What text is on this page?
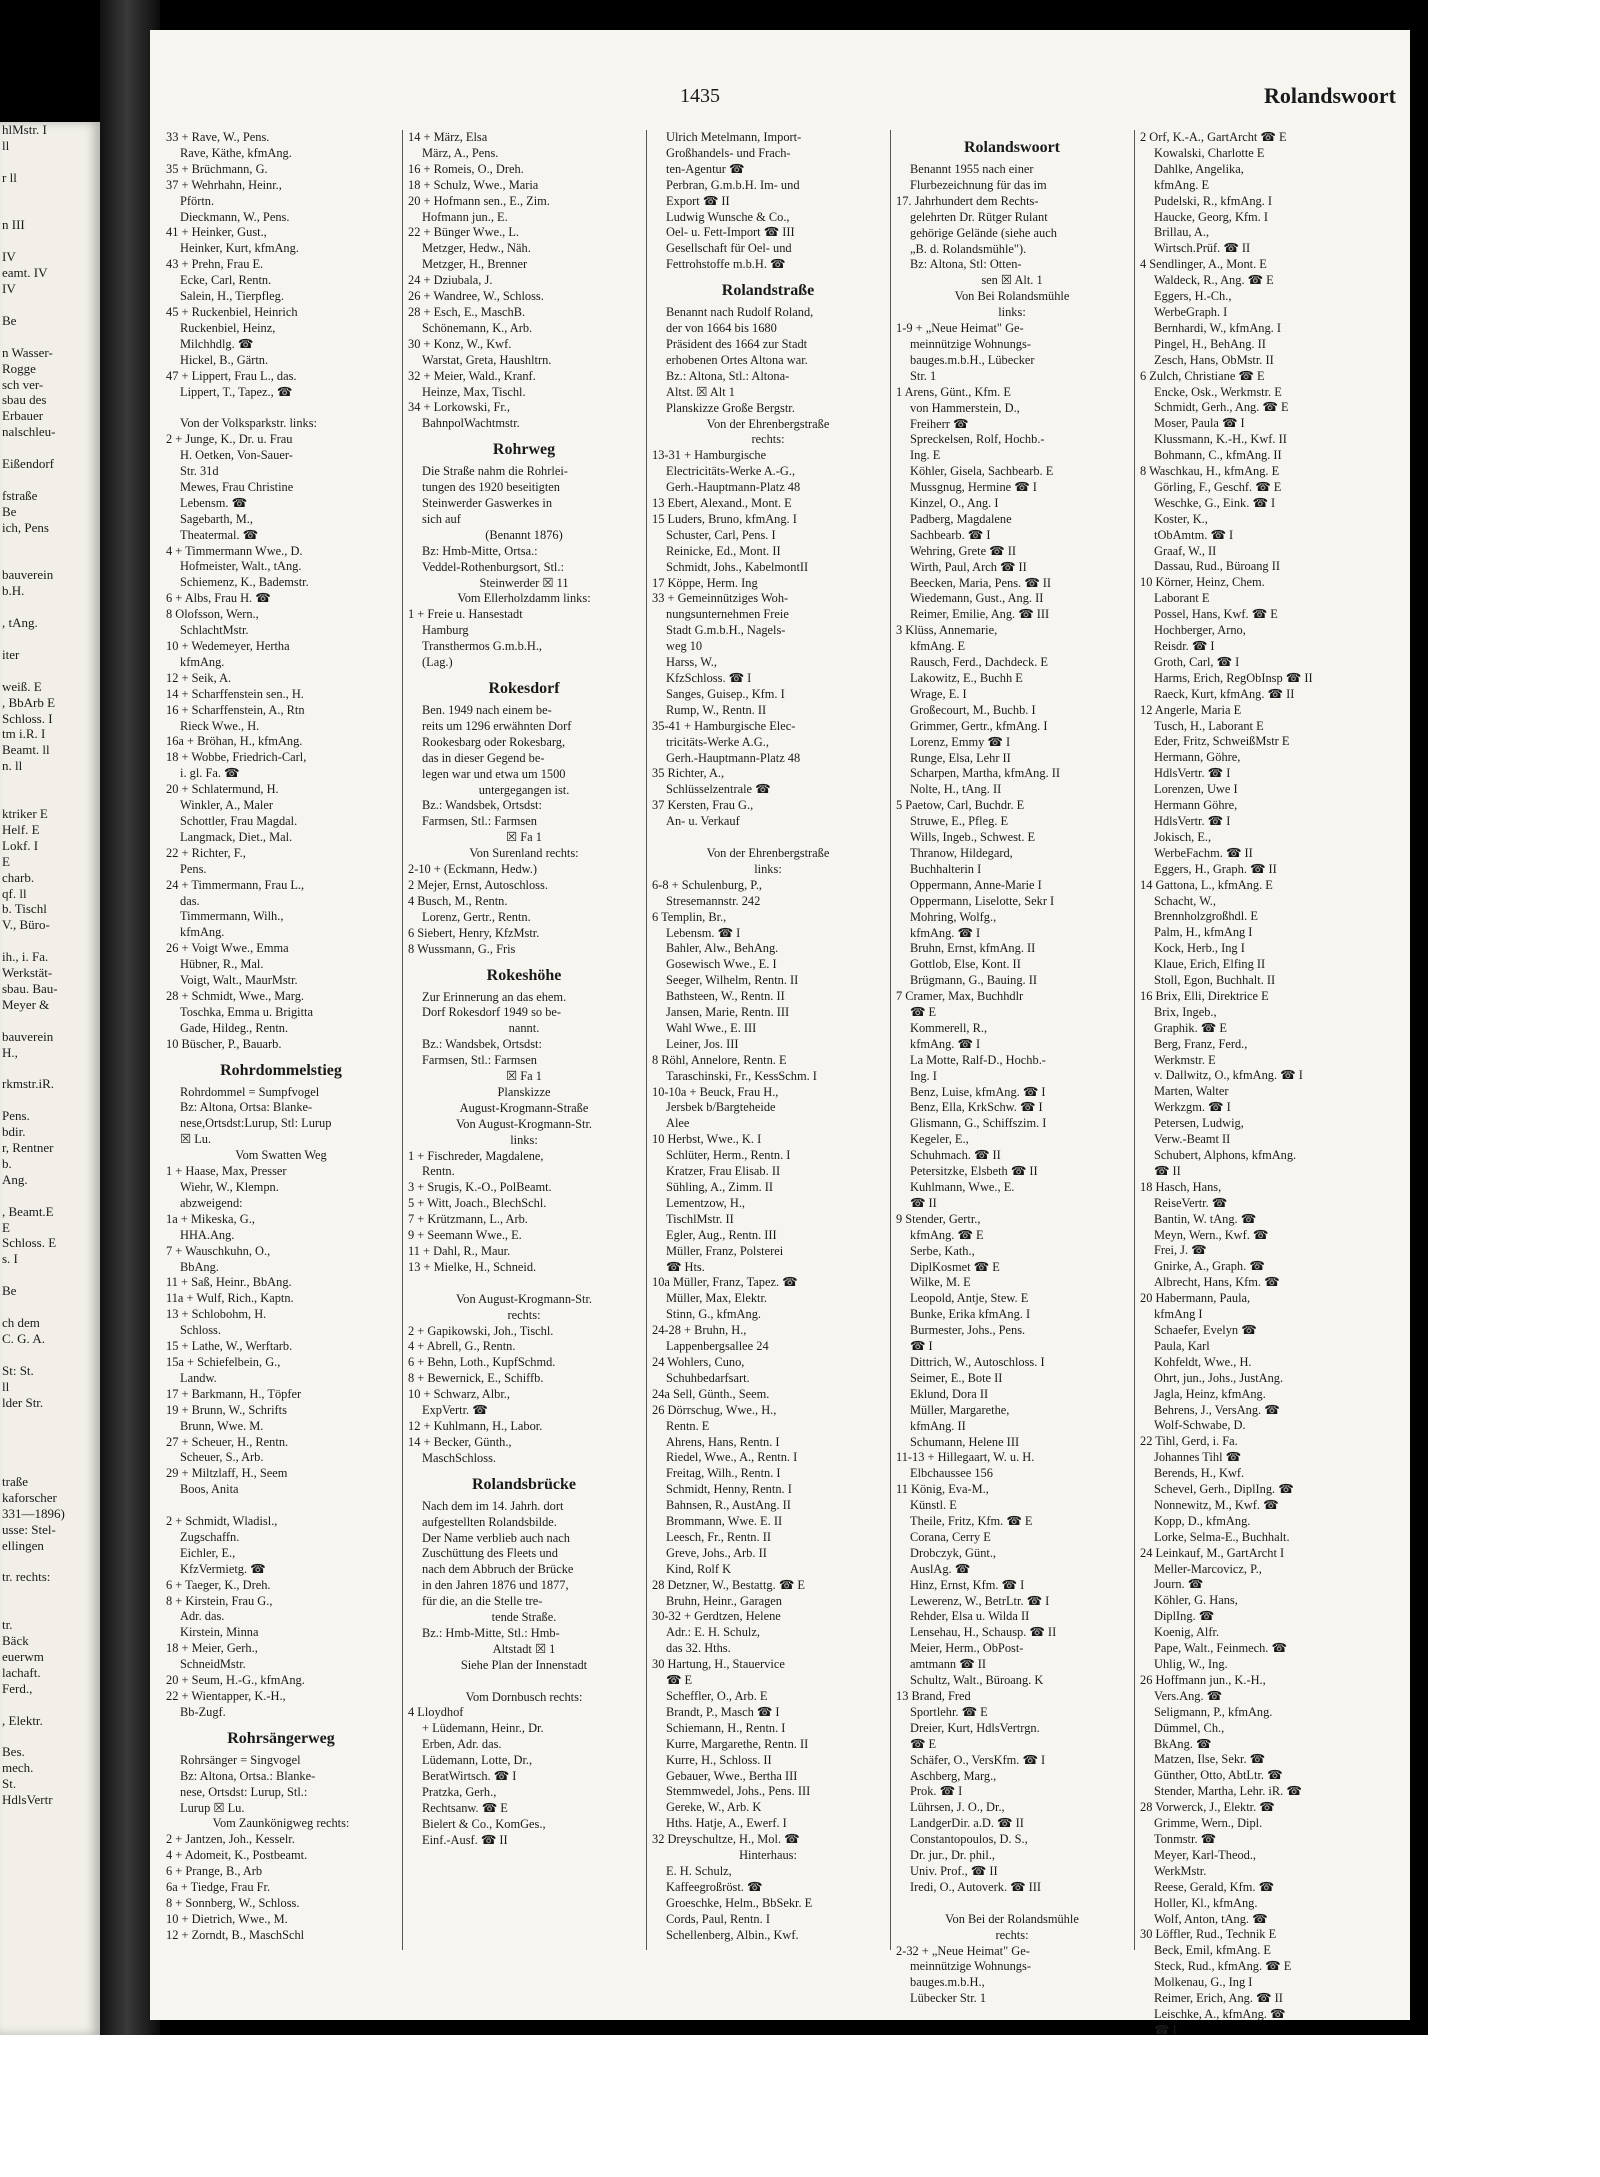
hlMstr. I
ll

r ll

n III

IV
eamt. IV
IV

Be

n Wasser-
Rogge
sch ver-
sbau des
Erbauer
nalschleu-

Eißendorf

fstraße
Be
ich, Pens

bauverein
b.H.

, tAng.

iter

weiß. E
, BbArb E
Schloss. I
tm i.R. I
Beamt. ll
n. ll

ktriker E
Helf. E
Lokf. I
E
charb.
qf. ll
b. Tischl
V., Büro-

ih., i. Fa.
Werkstät-
sbau. Bau-
Meyer &

bauverein
H.,

rkmstr.iR.

Pens.
bdir.
r, Rentner
b.
Ang.

, Beamt.E
E
Schloss. E
s. I

Be

ch dem
C. G. A.

St: St.
ll
lder Str.

traße
kaforscher
331—1896)
usse: Stel-
ellingen

tr. rechts:

tr.
Bäck
euerwm
lachaft.
Ferd.,

, Elektr.

Bes.
mech.
St.
HdlsVertr
1435	Rolandswoort
33 + Rave, W., Pens.
Rave, Käthe, kfmAng.
35 + Brüchmann, G.
37 + Wehrhahn, Heinr.,
Pförtn.
Dieckmann, W., Pens.
41 + Heinker, Gust.,
Heinker, Kurt, kfmAng.
43 + Prehn, Frau E.
Ecke, Carl, Rentn.
Salein, H., Tierpfleg.
45 + Ruckenbiel, Heinrich
Ruckenbiel, Heinz,
Milchhdlg. ☎
Hickel, B., Gärtn.
47 + Lippert, Frau L., das.
Lippert, T., Tapez., ☎

Von der Volksparkstr. links:
2 + Junge, K., Dr. u. Frau
H. Oetken, Von-Sauer-
Str. 31d
Mewes, Frau Christine
Lebensm. ☎
Sagebarth, M.,
Theatermal. ☎
4 + Timmermann Wwe., D.
Hofmeister, Walt., tAng.
Schiemenz, K., Bademstr.
6 + Albs, Frau H. ☎
8 Olofsson, Wern.,
SchlachtMstr.
10 + Wedemeyer, Hertha
kfmAng.
12 + Seik, A.
14 + Scharffenstein sen., H.
16 + Scharffenstein, A., Rtn
Rieck Wwe., H.
16a + Bröhan, H., kfmAng.
18 + Wobbe, Friedrich-Carl,
i. gl. Fa. ☎
20 + Schlatermund, H.
Winkler, A., Maler
Schottler, Frau Magdal.
Langmack, Diet., Mal.
22 + Richter, F.,
Pens.
24 + Timmermann, Frau L.,
das.
Timmermann, Wilh.,
kfmAng.
26 + Voigt Wwe., Emma
Hübner, R., Mal.
Voigt, Walt., MaurMstr.
28 + Schmidt, Wwe., Marg.
Toschka, Emma u. Brigitta
Gade, Hildeg., Rentn.
10 Büscher, P., Bauarb.
Rohrdommelstieg
Rohrdommel = Sumpfvogel
Bz: Altona, Ortsa: Blanke-
nese,Ortsdst:Lurup, Stl: Lurup
☒ Lu.
Vom Swatten Weg
1 + Haase, Max, Presser
Wiehr, W., Klempn.
abzweigend:
1a + Mikeska, G.,
HHA.Ang.
7 + Wauschkuhn, O.,
BbAng.
11 + Saß, Heinr., BbAng.
11a + Wulf, Rich., Kaptn.
13 + Schlobohm, H.
Schloss.
15 + Lathe, W., Werftarb.
15a + Schiefelbein, G.,
Landw.
17 + Barkmann, H., Töpfer
19 + Brunn, W., Schrifts
Brunn, Wwe. M.
27 + Scheuer, H., Rentn.
Scheuer, S., Arb.
29 + Miltzlaff, H., Seem
Boos, Anita

2 + Schmidt, Wladisl.,
Zugschaffn.
Eichler, E.,
KfzVermietg. ☎
6 + Taeger, K., Dreh.
8 + Kirstein, Frau G.,
Adr. das.
Kirstein, Minna
18 + Meier, Gerh.,
SchneidMstr.
20 + Seum, H.-G., kfmAng.
22 + Wientapper, K.-H.,
Bb-Zugf.
Rohrsängerweg
Rohrsänger = Singvogel
Bz: Altona, Ortsa.: Blanke-
nese, Ortsdst: Lurup, Stl.:
Lurup ☒ Lu.
Vom Zaunkönigweg rechts:
2 + Jantzen, Joh., Kesselr.
4 + Adomeit, K., Postbeamt.
6 + Prange, B., Arb
6a + Tiedge, Frau Fr.
8 + Sonnberg, W., Schloss.
10 + Dietrich, Wwe., M.
12 + Zorndt, B., MaschSchl
14 + März, Elsa
März, A., Pens.
16 + Romeis, O., Dreh.
18 + Schulz, Wwe., Maria
20 + Hofmann sen., E., Zim.
Hofmann jun., E.
22 + Bünger Wwe., L.
Metzger, Hedw., Näh.
Metzger, H., Brenner
24 + Dziubala, J.
26 + Wandree, W., Schloss.
28 + Esch, E., MaschB.
Schönemann, K., Arb.
30 + Konz, W., Kwf.
Warstat, Greta, Haushltrn.
32 + Meier, Wald., Kranf.
Heinze, Max, Tischl.
34 + Lorkowski, Fr.,
BahnpolWachtmstr.
Rohrweg
Die Straße nahm die Rohrlei-
tungen des 1920 beseitigten
Steinwerder Gaswerkes in
sich auf
(Benannt 1876)
Bz: Hmb-Mitte, Ortsa.:
Veddel-Rothenburgsort, Stl.:
Steinwerder ☒ 11
Vom Ellerholzdamm links:
1 + Freie u. Hansestadt
Hamburg
Transthermos G.m.b.H.,
(Lag.)
Rokesdorf
Ben. 1949 nach einem be-
reits um 1296 erwähnten Dorf
Rookesbarg oder Rokesbarg,
das in dieser Gegend be-
legen war und etwa um 1500
untergegangen ist.
Bz.: Wandsbek, Ortsdst:
Farmsen, Stl.: Farmsen
☒ Fa 1
Von Surenland rechts:
2-10 + (Eckmann, Hedw.)
2 Mejer, Ernst, Autoschloss.
4 Busch, M., Rentn.
Lorenz, Gertr., Rentn.
6 Siebert, Henry, KfzMstr.
8 Wussmann, G., Fris
Rokeshöhe
Zur Erinnerung an das ehem.
Dorf Rokesdorf 1949 so be-
nannt.
Bz.: Wandsbek, Ortsdst:
Farmsen, Stl.: Farmsen
☒ Fa 1
Planskizze
August-Krogmann-Straße
Von August-Krogmann-Str.
links:
1 + Fischreder, Magdalene,
Rentn.
3 + Srugis, K.-O., PolBeamt.
5 + Witt, Joach., BlechSchl.
7 + Krützmann, L., Arb.
9 + Seemann Wwe., E.
11 + Dahl, R., Maur.
13 + Mielke, H., Schneid.

Von August-Krogmann-Str.
rechts:
2 + Gapikowski, Joh., Tischl.
4 + Abrell, G., Rentn.
6 + Behn, Loth., KupfSchmd.
8 + Bewernick, E., Schiffb.
10 + Schwarz, Albr.,
ExpVertr. ☎
12 + Kuhlmann, H., Labor.
14 + Becker, Günth.,
MaschSchloss.
Rolandsbrücke
Nach dem im 14. Jahrh. dort
aufgestellten Rolandsbilde.
Der Name verblieb auch nach
Zuschüttung des Fleets und
nach dem Abbruch der Brücke
in den Jahren 1876 und 1877,
für die, an die Stelle tre-
tende Straße.
Bz.: Hmb-Mitte, Stl.: Hmb-
Altstadt ☒ 1
Siehe Plan der Innenstadt

Vom Dornbusch rechts:
4 Lloydhof
+ Lüdemann, Heinr., Dr.
Erben, Adr. das.
Lüdemann, Lotte, Dr.,
BeratWirtsch. ☎ I
Pratzka, Gerh.,
Rechtsanw. ☎ E
Bielert & Co., KomGes.,
Einf.-Ausf. ☎ II
Ulrich Metelmann, Import-
Großhandels- und Frach-
ten-Agentur ☎
Perbran, G.m.b.H. Im- und
Export ☎ II
Ludwig Wunsche & Co.,
Oel- u. Fett-Import ☎ III
Gesellschaft für Oel- und
Fettrohstoffe m.b.H. ☎
Rolandstraße
Benannt nach Rudolf Roland,
der von 1664 bis 1680
Präsident des 1664 zur Stadt
erhobenen Ortes Altona war.
Bz.: Altona, Stl.: Altona-
Altst. ☒ Alt 1
Planskizze Große Bergstr.
Von der Ehrenbergstraße
rechts:
13-31 + Hamburgische
Electricitäts-Werke A.-G.,
Gerh.-Hauptmann-Platz 48
13 Ebert, Alexand., Mont. E
15 Luders, Bruno, kfmAng. I
Schuster, Carl, Pens. I
Reinicke, Ed., Mont. II
Schmidt, Johs., KabelmontII
17 Köppe, Herm. Ing
33 + Gemeinnütziges Woh-
nungsunternehmen Freie
Stadt G.m.b.H., Nagels-
weg 10
Harss, W.,
KfzSchloss. ☎ I
Sanges, Guisep., Kfm. I
Rump, W., Rentn. II
35-41 + Hamburgische Elec-
tricitäts-Werke A.G.,
Gerh.-Hauptmann-Platz 48
35 Richter, A.,
Schlüsselzentrale ☎
37 Kersten, Frau G.,
An- u. Verkauf

Von der Ehrenbergstraße
links:
6-8 + Schulenburg, P.,
Stresemannstr. 242
6 Templin, Br.,
Lebensm. ☎ I
Bahler, Alw., BehAng.
Gosewisch Wwe., E. I
Seeger, Wilhelm, Rentn. II
Bathsteen, W., Rentn. II
Jansen, Marie, Rentn. III
Wahl Wwe., E. III
Leiner, Jos. III
8 Röhl, Annelore, Rentn. E
Taraschinski, Fr., KessSchm. I
10-10a + Beuck, Frau H.,
Jersbek b/Bargteheide
Alee
10 Herbst, Wwe., K. I
Schlüter, Herm., Rentn. I
Kratzer, Frau Elisab. II
Sühling, A., Zimm. II
Lementzow, H.,
TischlMstr. II
Egler, Aug., Rentn. III
Müller, Franz, Polsterei
☎ Hts.
10a Müller, Franz, Tapez. ☎
Müller, Max, Elektr.
Stinn, G., kfmAng.
24-28 + Bruhn, H.,
Lappenbergsallee 24
24 Wohlers, Cuno,
Schuhbedarfsart.
24a Sell, Günth., Seem.
26 Dörrschug, Wwe., H.,
Rentn. E
Ahrens, Hans, Rentn. I
Riedel, Wwe., A., Rentn. I
Freitag, Wilh., Rentn. I
Schmidt, Henny, Rentn. I
Bahnsen, R., AustAng. II
Brommann, Wwe. E. II
Leesch, Fr., Rentn. II
Greve, Johs., Arb. II
Kind, Rolf K
28 Detzner, W., Bestattg. ☎ E
Bruhn, Heinr., Garagen
30-32 + Gerdtzen, Helene
Adr.: E. H. Schulz,
das 32. Hths.
30 Hartung, H., Stauervice
☎ E
Scheffler, O., Arb. E
Brandt, P., Masch ☎ I
Schiemann, H., Rentn. I
Kurre, Margarethe, Rentn. II
Kurre, H., Schloss. II
Gebauer, Wwe., Bertha III
Stemmwedel, Johs., Pens. III
Gereke, W., Arb. K
Hths. Hatje, A., Ewerf. I
32 Dreyschultze, H., Mol. ☎
Hinterhaus:
E. H. Schulz,
Kaffeegroßröst. ☎
Groeschke, Helm., BbSekr. E
Cords, Paul, Rentn. I
Schellenberg, Albin., Kwf.
Rolandswoort
Benannt 1955 nach einer
Flurbezeichnung für das im
17. Jahrhundert dem Rechts-
gelehrten Dr. Rütger Rulant
gehörige Gelände (siehe auch
„B. d. Rolandsmühle").
Bz: Altona, Stl: Otten-
sen ☒ Alt. 1
Von Bei Rolandsmühle
links:
1-9 + „Neue Heimat" Ge-
meinnützige Wohnungs-
bauges.m.b.H., Lübecker
Str. 1
1 Arens, Günt., Kfm. E
von Hammerstein, D.,
Freiherr ☎
Spreckelsen, Rolf, Hochb.-
Ing. E
Köhler, Gisela, Sachbearb. E
Mussgnug, Hermine ☎ I
Kinzel, O., Ang. I
Padberg, Magdalene
Sachbearb. ☎ I
Wehring, Grete ☎ II
Wirth, Paul, Arch ☎ II
Beecken, Maria, Pens. ☎ II
Wiedemann, Gust., Ang. II
Reimer, Emilie, Ang. ☎ III
3 Klüss, Annemarie,
kfmAng. E
Rausch, Ferd., Dachdeck. E
Lakowitz, E., Buchh E
Wrage, E. I
Großecourt, M., Buchb. I
Grimmer, Gertr., kfmAng. I
Lorenz, Emmy ☎ I
Runge, Elsa, Lehr II
Scharpen, Martha, kfmAng. II
Nolte, H., tAng. II
5 Paetow, Carl, Buchdr. E
Struwe, E., Pfleg. E
Wills, Ingeb., Schwest. E
Thranow, Hildegard,
Buchhalterin I
Oppermann, Anne-Marie I
Oppermann, Liselotte, Sekr I
Mohring, Wolfg.,
kfmAng. ☎ I
Bruhn, Ernst, kfmAng. II
Gottlob, Else, Kont. II
Brügmann, G., Bauing. II
7 Cramer, Max, Buchhdlr
☎ E
Kommerell, R.,
kfmAng. ☎ I
La Motte, Ralf-D., Hochb.-
Ing. I
Benz, Luise, kfmAng. ☎ I
Benz, Ella, KrkSchw. ☎ I
Glismann, G., Schiffszim. I
Kegeler, E.,
Schuhmach. ☎ II
Petersitzke, Elsbeth ☎ II
Kuhlmann, Wwe., E.
☎ II
9 Stender, Gertr.,
kfmAng. ☎ E
Serbe, Kath.,
DiplKosmet ☎ E
Wilke, M. E
Leopold, Antje, Stew. E
Bunke, Erika kfmAng. I
Burmester, Johs., Pens.
☎ I
Dittrich, W., Autoschloss. I
Seimer, E., Bote II
Eklund, Dora II
Müller, Margarethe,
kfmAng. II
Schumann, Helene III
11-13 + Hillegaart, W. u. H.
Elbchaussee 156
11 König, Eva-M.,
Künstl. E
Theile, Fritz, Kfm. ☎ E
Corana, Cerry E
Drobczyk, Günt.,
AuslAg. ☎
Hinz, Ernst, Kfm. ☎ I
Lewerenz, W., BetrLtr. ☎ I
Rehder, Elsa u. Wilda II
Lensehau, H., Schausp. ☎ II
Meier, Herm., ObPost-
amtmann ☎ II
Schultz, Walt., Büroang. K
13 Brand, Fred
Sportlehr. ☎ E
Dreier, Kurt, HdlsVertrgn.
☎ E
Schäfer, O., VersKfm. ☎ I
Aschberg, Marg.,
Prok. ☎ I
Lührsen, J. O., Dr.,
LandgerDir. a.D. ☎ II
Constantopoulos, D. S.,
Dr. jur., Dr. phil.,
Univ. Prof., ☎ II
Iredi, O., Autoverk. ☎ III

Von Bei der Rolandsmühle
rechts:
2-32 + „Neue Heimat" Ge-
meinnützige Wohnungs-
bauges.m.b.H.,
Lübecker Str. 1
2 Orf, K.-A., GartArcht ☎ E
Kowalski, Charlotte E
Dahlke, Angelika,
kfmAng. E
Pudelski, R., kfmAng. I
Haucke, Georg, Kfm. I
Brillau, A.,
Wirtsch.Prüf. ☎ II
4 Sendlinger, A., Mont. E
Waldeck, R., Ang. ☎ E
Eggers, H.-Ch.,
WerbeGraph. I
Bernhardi, W., kfmAng. I
Pingel, H., BehAng. II
Zesch, Hans, ObMstr. II
6 Zulch, Christiane ☎ E
Encke, Osk., Werkmstr. E
Schmidt, Gerh., Ang. ☎ E
Moser, Paula ☎ I
Klussmann, K.-H., Kwf. II
Bohmann, C., kfmAng. II
8 Waschkau, H., kfmAng. E
Görling, F., Geschf. ☎ E
Weschke, G., Eink. ☎ I
Koster, K.,
tObAmtm. ☎ I
Graaf, W., II
Dassau, Rud., Büroang II
10 Körner, Heinz, Chem.
Laborant E
Possel, Hans, Kwf. ☎ E
Hochberger, Arno,
Reisdr. ☎ I
Groth, Carl, ☎ I
Harms, Erich, RegObInsp ☎ II
Raeck, Kurt, kfmAng. ☎ II
12 Angerle, Maria E
Tusch, H., Laborant E
Eder, Fritz, SchweißMstr E
Hermann, Göhre,
HdlsVertr. ☎ I
Lorenzen, Uwe I
Hermann Göhre,
HdlsVertr. ☎ I
Jokisch, E.,
WerbeFachm. ☎ II
Eggers, H., Graph. ☎ II
14 Gattona, L., kfmAng. E
Schacht, W.,
Brennholzgroßhdl. E
Palm, H., kfmAng I
Kock, Herb., Ing I
Klaue, Erich, Elfing II
Stoll, Egon, Buchhalt. II
16 Brix, Elli, Direktrice E
Brix, Ingeb.,
Graphik. ☎ E
Berg, Franz, Ferd.,
Werkmstr. E
v. Dallwitz, O., kfmAng. ☎ I
Marten, Walter
Werkzgm. ☎ I
Petersen, Ludwig,
Verw.-Beamt II
Schubert, Alphons, kfmAng.
☎ II
18 Hasch, Hans,
ReiseVertr. ☎
Bantin, W. tAng. ☎
Meyn, Wern., Kwf. ☎
Frei, J. ☎
Gnirke, A., Graph. ☎
Albrecht, Hans, Kfm. ☎
20 Habermann, Paula,
kfmAng I
Schaefer, Evelyn ☎
Paula, Karl
Kohfeldt, Wwe., H.
Ohrt, jun., Johs., JustAng.
Jagla, Heinz, kfmAng.
Behrens, J., VersAng. ☎
Wolf-Schwabe, D.
22 Tihl, Gerd, i. Fa.
Johannes Tihl ☎
Berends, H., Kwf.
Schevel, Gerh., DiplIng. ☎
Nonnewitz, M., Kwf. ☎
Kopp, D., kfmAng.
Lorke, Selma-E., Buchhalt.
24 Leinkauf, M., GartArcht I
Meller-Marcovicz, P.,
Journ. ☎
Köhler, G. Hans,
DiplIng. ☎
Koenig, Alfr.
Pape, Walt., Feinmech. ☎
Uhlig, W., Ing.
26 Hoffmann jun., K.-H.,
Vers.Ang. ☎
Seligmann, P., kfmAng.
Dümmel, Ch.,
BkAng. ☎
Matzen, Ilse, Sekr. ☎
Günther, Otto, AbtLtr. ☎
Stender, Martha, Lehr. iR. ☎
28 Vorwerck, J., Elektr. ☎
Grimme, Wern., Dipl.
Tonmstr. ☎
Meyer, Karl-Theod.,
WerkMstr.
Reese, Gerald, Kfm. ☎
Holler, Kl., kfmAng.
Wolf, Anton, tAng. ☎
30 Löffler, Rud., Technik E
Beck, Emil, kfmAng. E
Steck, Rud., kfmAng. ☎ E
Molkenau, G., Ing I
Reimer, Erich, Ang. ☎ II
Leischke, A., kfmAng. ☎
☎ I
